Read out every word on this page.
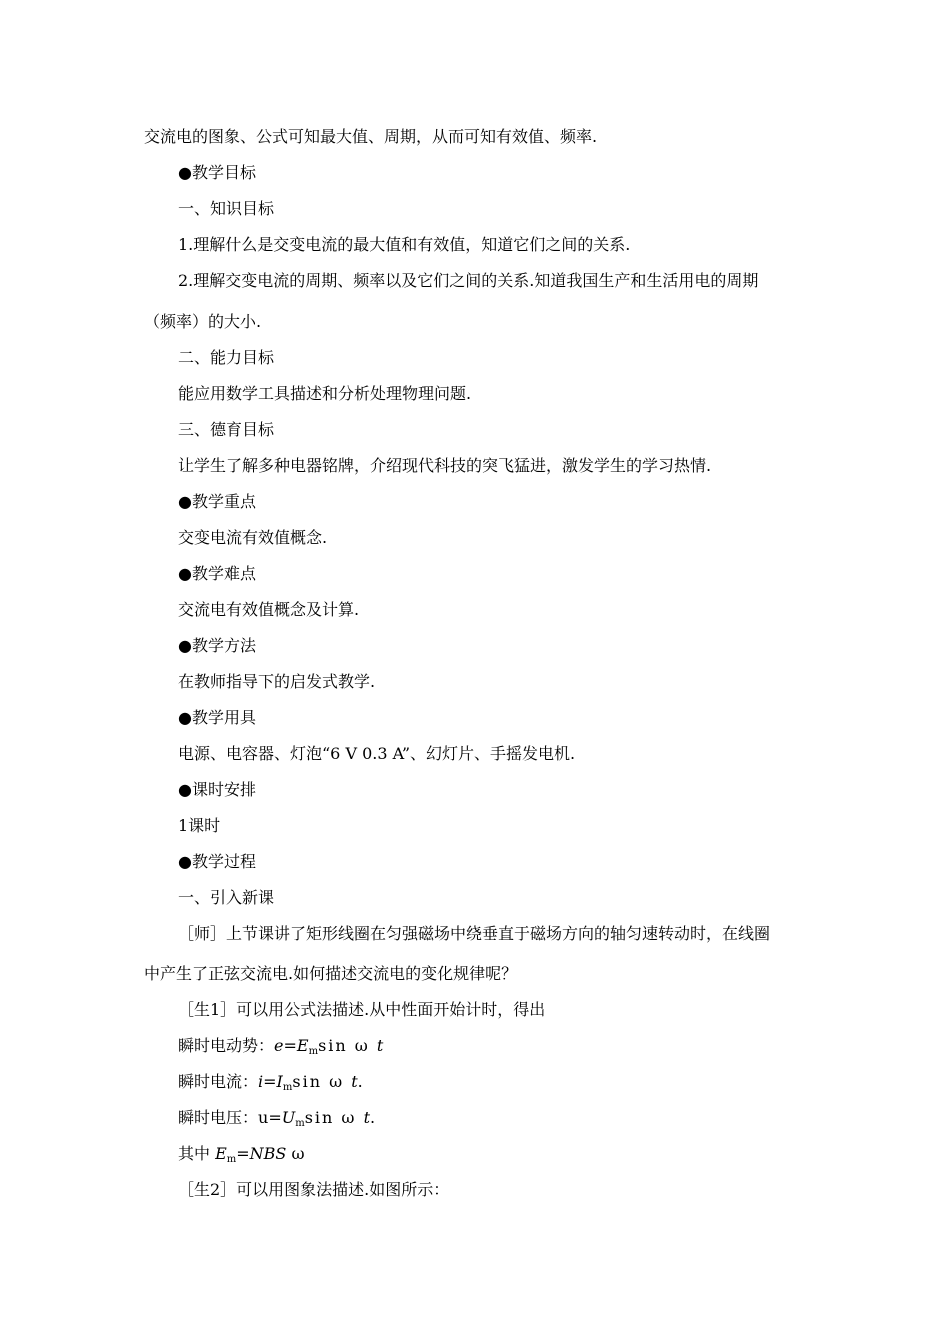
交流电的图象、公式可知最大值、周期，从而可知有效值、频率.
●教学目标
一、知识目标
1.理解什么是交变电流的最大值和有效值，知道它们之间的关系.
2.理解交变电流的周期、频率以及它们之间的关系.知道我国生产和生活用电的周期
（频率）的大小.
二、能力目标
能应用数学工具描述和分析处理物理问题.
三、德育目标
让学生了解多种电器铭牌，介绍现代科技的突飞猛进，激发学生的学习热情.
●教学重点
交变电流有效值概念.
●教学难点
交流电有效值概念及计算.
●教学方法
在教师指导下的启发式教学.
●教学用具
电源、电容器、灯泡“6 V 0.3 A”、幻灯片、手摇发电机.
●课时安排
1课时
●教学过程
一、引入新课
［师］上节课讲了矩形线圈在匀强磁场中绕垂直于磁场方向的轴匀速转动时，在线圈
中产生了正弦交流电.如何描述交流电的变化规律呢？
［生1］可以用公式法描述.从中性面开始计时，得出
瞬时电动势：$e=E_m\sin$ ω t
瞬时电流：$i=I_m\sin$ ω t.
瞬时电压：$u=U_m\sin$ ω t.
其中 $E_m=NBS$ ω
［生2］可以用图象法描述.如图所示：
